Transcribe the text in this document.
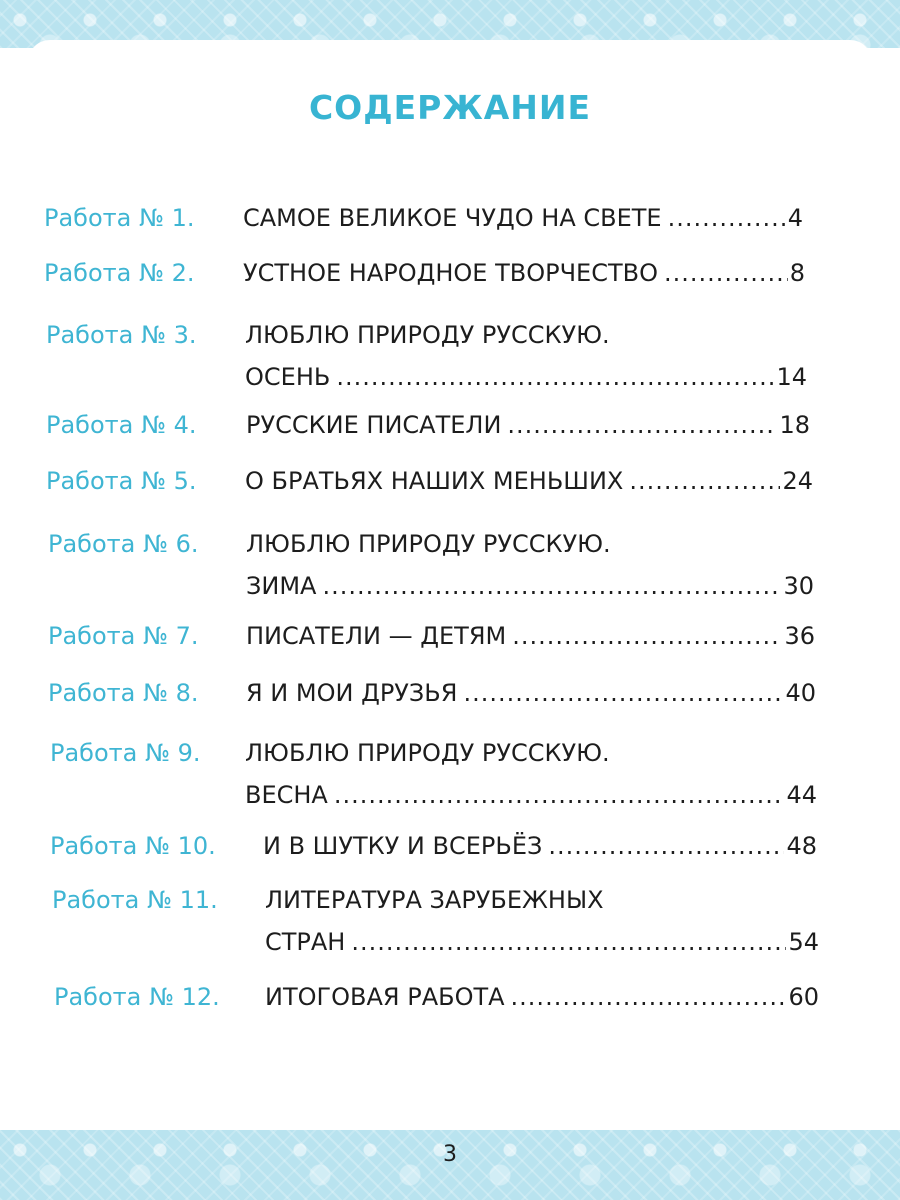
СОДЕРЖАНИЕ
Работа № 1. САМОЕ ВЕЛИКОЕ ЧУДО НА СВЕТЕ .....	4
Работа № 2. УСТНОЕ НАРОДНОЕ ТВОРЧЕСТВО .....	8
Работа № 3. ЛЮБЛЮ ПРИРОДУ РУССКУЮ.
ОСЕНЬ .....	14
Работа № 4. РУССКИЕ ПИСАТЕЛИ .....	18
Работа № 5. О БРАТЬЯХ НАШИХ МЕНЬШИХ .....	24
Работа № 6. ЛЮБЛЮ ПРИРОДУ РУССКУЮ.
ЗИМА .....	30
Работа № 7. ПИСАТЕЛИ — ДЕТЯМ .....	36
Работа № 8. Я И МОИ ДРУЗЬЯ .....	40
Работа № 9. ЛЮБЛЮ ПРИРОДУ РУССКУЮ.
ВЕСНА .....	44
Работа № 10. И В ШУТКУ И ВСЕРЬЁЗ .....	48
Работа № 11. ЛИТЕРАТУРА ЗАРУБЕЖНЫХ
СТРАН .....	54
Работа № 12. ИТОГОВАЯ РАБОТА .....	60
3
